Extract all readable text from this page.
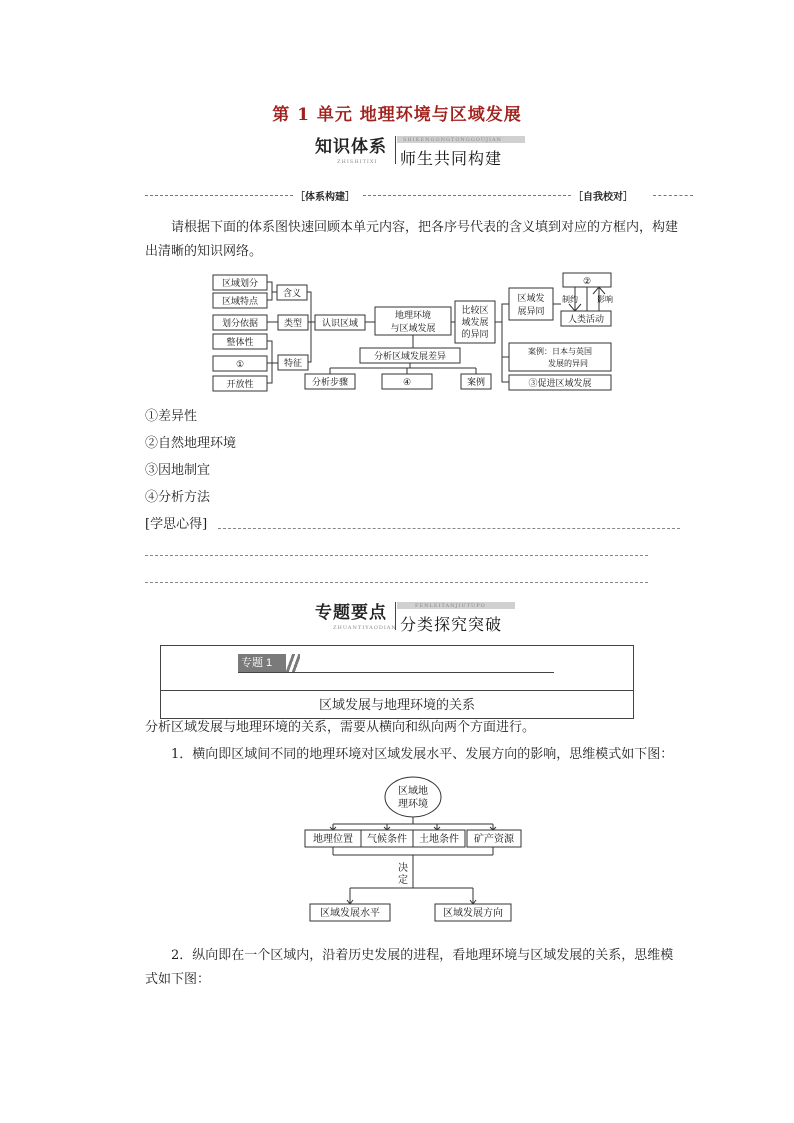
第 1 单元 地理环境与区域发展
知识体系	SHIKENGONGTONGGOUJIAN
师生共同构建
ZHISHITIXI
［体系构建］	［自我校对］
请根据下面的体系图快速回顾本单元内容，把各序号代表的含义填到对应的方框内，构建出清晰的知识网络。
区域划分
区域特点
划分依据
整体性
①
开放性
含义
类型
特征
认识区域
地理环境
与区域发展
比较区
域发展
的异同
区域发
展异同
②
人类活动
制约 影响
案例：日本与英国
发展的异同
③促进区域发展
分析区域发展差异
分析步骤	④	案例
①差异性
②自然地理环境
③因地制宜
④分析方法
[学思心得]
专题要点	FENLEITANJIUTUPO
分类探究突破
ZHUANTIYAODIAN
专题 1
区域发展与地理环境的关系
分析区域发展与地理环境的关系，需要从横向和纵向两个方面进行。
1．横向即区域间不同的地理环境对区域发展水平、发展方向的影响，思维模式如下图：
区域地
理环境
地理位置 气候条件 土地条件 矿产资源
决
定
区域发展水平	区域发展方向
2．纵向即在一个区域内，沿着历史发展的进程，看地理环境与区域发展的关系，思维模式如下图：
